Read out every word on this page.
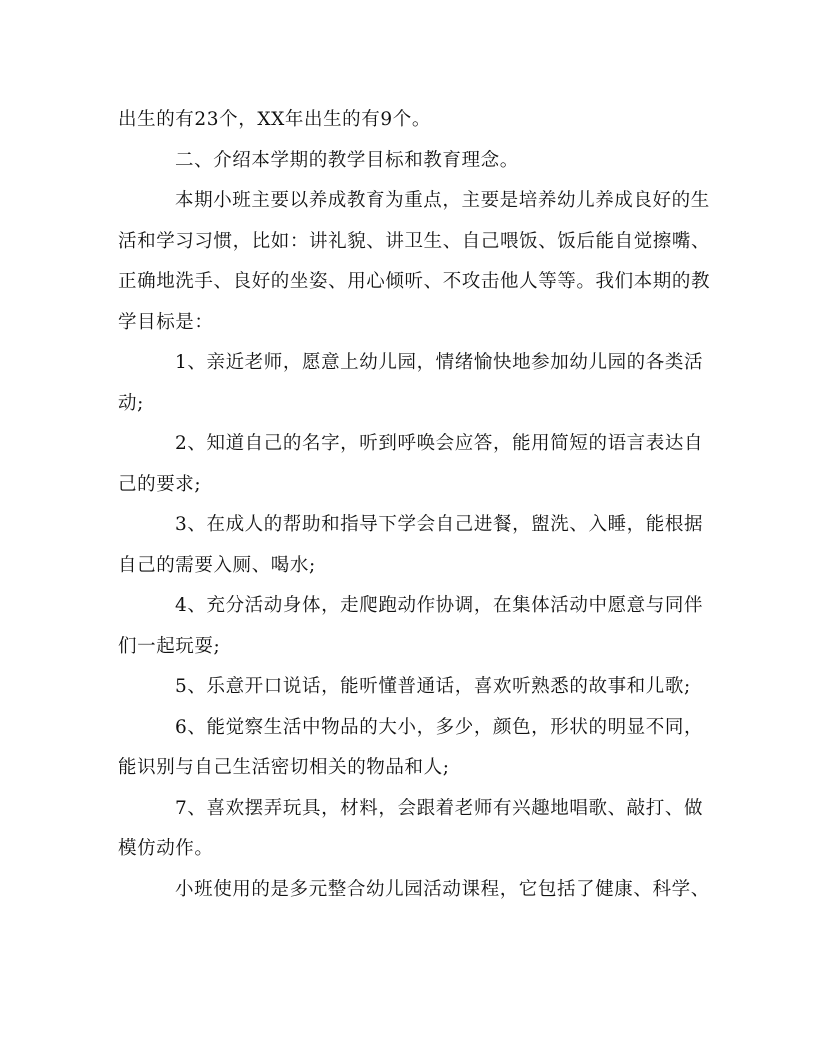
出生的有23个，XX年出生的有9个。

二、介绍本学期的教学目标和教育理念。

本期小班主要以养成教育为重点，主要是培养幼儿养成良好的生
活和学习习惯，比如：讲礼貌、讲卫生、自己喂饭、饭后能自觉擦嘴、
正确地洗手、良好的坐姿、用心倾听、不攻击他人等等。我们本期的教
学目标是：

1、亲近老师，愿意上幼儿园，情绪愉快地参加幼儿园的各类活
动;

2、知道自己的名字，听到呼唤会应答，能用简短的语言表达自
己的要求;

3、在成人的帮助和指导下学会自己进餐，盥洗、入睡，能根据
自己的需要入厕、喝水;

4、充分活动身体，走爬跑动作协调，在集体活动中愿意与同伴
们一起玩耍;

5、乐意开口说话，能听懂普通话，喜欢听熟悉的故事和儿歌;

6、能觉察生活中物品的大小，多少，颜色，形状的明显不同，
能识别与自己生活密切相关的物品和人;

7、喜欢摆弄玩具，材料，会跟着老师有兴趣地唱歌、敲打、做
模仿动作。

小班使用的是多元整合幼儿园活动课程，它包括了健康、科学、
